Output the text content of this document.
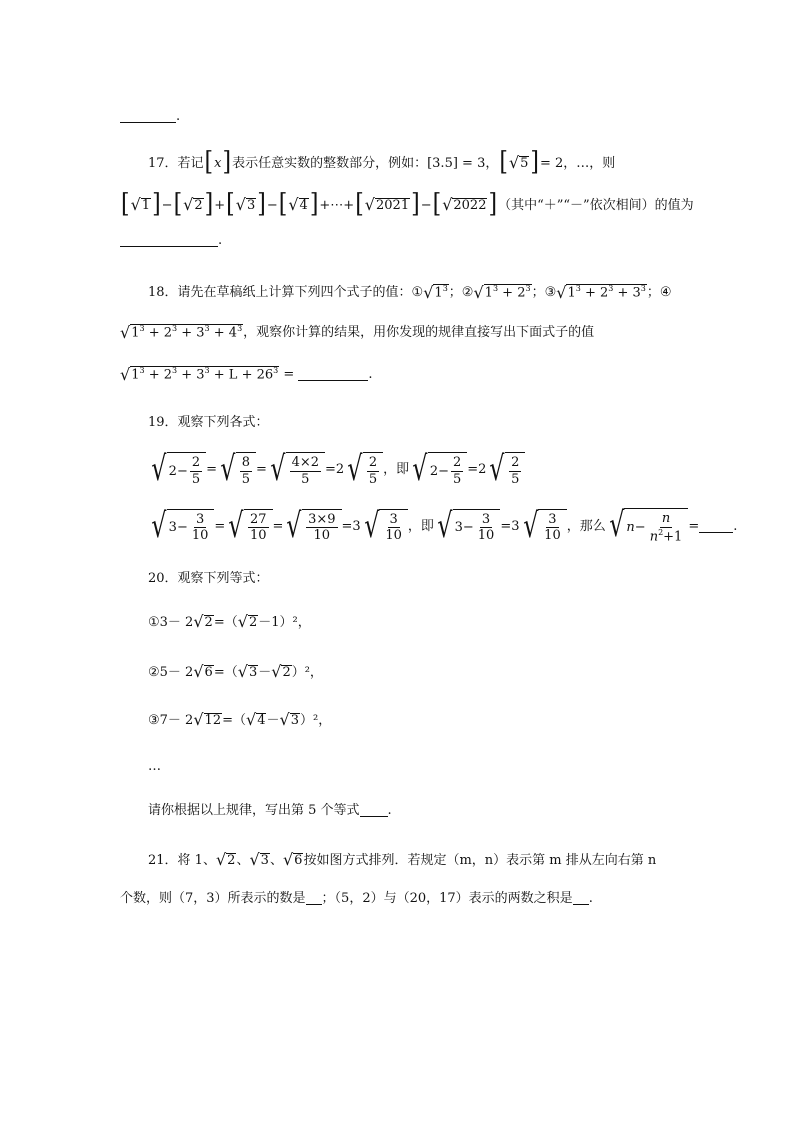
.
17．若记 [ x ] 表示任意实数的整数部分，例如： [3.5] = 3， [ √ 5 ] = 2，…，则
[ √ 1 ] − [ √ 2 ] + [ √ 3 ] − [ √ 4 ] +⋯+ [ √ 2021 ] − [ √ 2022 ] （其中“＋”“－”依次相间）的值为
.
18．请先在草稿纸上计算下列四个式子的值： ① √ $1^3$ ； ② √ $1^3 + 2^3$ ； ③ √ $1^3 + 2^3 + 3^3$ ； ④
√ $1^3 + 2^3 + 3^3 + 4^3$ ，观察你计算的结果，用你发现的规律直接写出下面式子的值
√ $1^3 + 2^3 + 3^3 + L + 26^3$ =	.
19．观察下列各式：
√ $2- \frac{2}{5}$ = √ $\frac{8}{5}$ = √ $\frac{4\times 2}{5} =2$ √ $\frac{2}{5}$ ，即 √ $2- \frac{2}{5} =2$ √ $\frac{2}{5}$
√ $3- \frac{3}{10}$ = √ $\frac{27}{10}$ = √ $\frac{3\times 9}{10} =3$ √ $\frac{3}{10}$ ，即 √ $3- \frac{3}{10} =3$ √ $\frac{3}{10}$ ，那么 √ $n - \frac{n}{n^2+1}$ =	.
20．观察下列等式：
①3－ 2 √ 2 =（ √ 2 －1）²，
②5－ 2 √ 6 =（ √ 3 － √ 2 ）²，
③7－ 2 √ 12 =（ √ 4 － √ 3 ）²，
…
请你根据以上规律，写出第 5 个等式 .
21．将 1、 √ 2 、 √ 3 、 √ 6 按如图方式排列．若规定（m，n）表示第 m 排从左向右第 n
个数，则（7，3）所表示的数是 ；（5，2）与（20，17）表示的两数之积是 .
